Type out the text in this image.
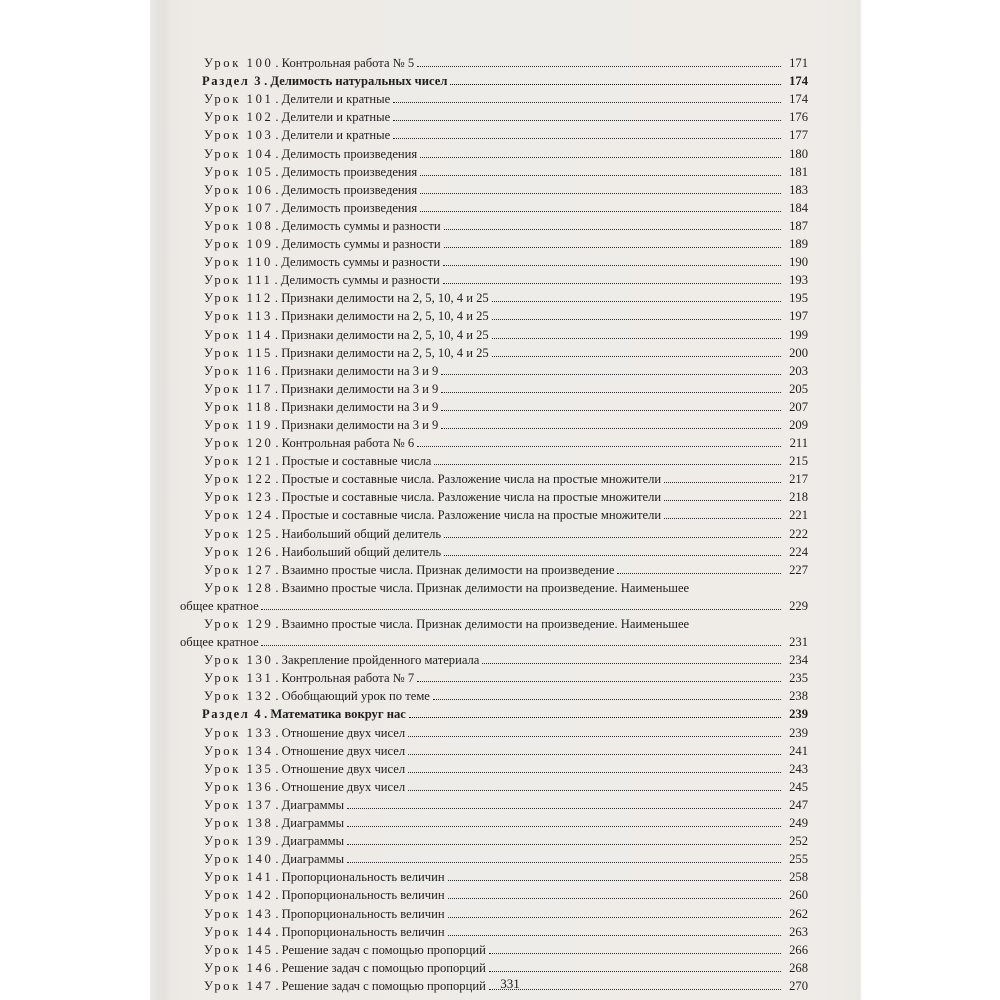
Урок 100 . Контрольная работа № 5	171
Раздел 3 . Делимость натуральных чисел	174
Урок 101 . Делители и кратные	174
Урок 102 . Делители и кратные	176
Урок 103 . Делители и кратные	177
Урок 104 . Делимость произведения	180
Урок 105 . Делимость произведения	181
Урок 106 . Делимость произведения	183
Урок 107 . Делимость произведения	184
Урок 108 . Делимость суммы и разности	187
Урок 109 . Делимость суммы и разности	189
Урок 110 . Делимость суммы и разности	190
Урок 111 . Делимость суммы и разности	193
Урок 112 . Признаки делимости на 2, 5, 10, 4 и 25	195
Урок 113 . Признаки делимости на 2, 5, 10, 4 и 25	197
Урок 114 . Признаки делимости на 2, 5, 10, 4 и 25	199
Урок 115 . Признаки делимости на 2, 5, 10, 4 и 25	200
Урок 116 . Признаки делимости на 3 и 9	203
Урок 117 . Признаки делимости на 3 и 9	205
Урок 118 . Признаки делимости на 3 и 9	207
Урок 119 . Признаки делимости на 3 и 9	209
Урок 120 . Контрольная работа № 6	211
Урок 121 . Простые и составные числа	215
Урок 122 . Простые и составные числа. Разложение числа на простые множители	217
Урок 123 . Простые и составные числа. Разложение числа на простые множители	218
Урок 124 . Простые и составные числа. Разложение числа на простые множители	221
Урок 125 . Наибольший общий делитель	222
Урок 126 . Наибольший общий делитель	224
Урок 127 . Взаимно простые числа. Признак делимости на произведение	227
Урок 128 . Взаимно простые числа. Признак делимости на произведение. Наименьшее
общее кратное	229
Урок 129 . Взаимно простые числа. Признак делимости на произведение. Наименьшее
общее кратное	231
Урок 130 . Закрепление пройденного материала	234
Урок 131 . Контрольная работа № 7	235
Урок 132 . Обобщающий урок по теме	238
Раздел 4 . Математика вокруг нас	239
Урок 133 . Отношение двух чисел	239
Урок 134 . Отношение двух чисел	241
Урок 135 . Отношение двух чисел	243
Урок 136 . Отношение двух чисел	245
Урок 137 . Диаграммы	247
Урок 138 . Диаграммы	249
Урок 139 . Диаграммы	252
Урок 140 . Диаграммы	255
Урок 141 . Пропорциональность величин	258
Урок 142 . Пропорциональность величин	260
Урок 143 . Пропорциональность величин	262
Урок 144 . Пропорциональность величин	263
Урок 145 . Решение задач с помощью пропорций	266
Урок 146 . Решение задач с помощью пропорций	268
Урок 147 . Решение задач с помощью пропорций	270
331
